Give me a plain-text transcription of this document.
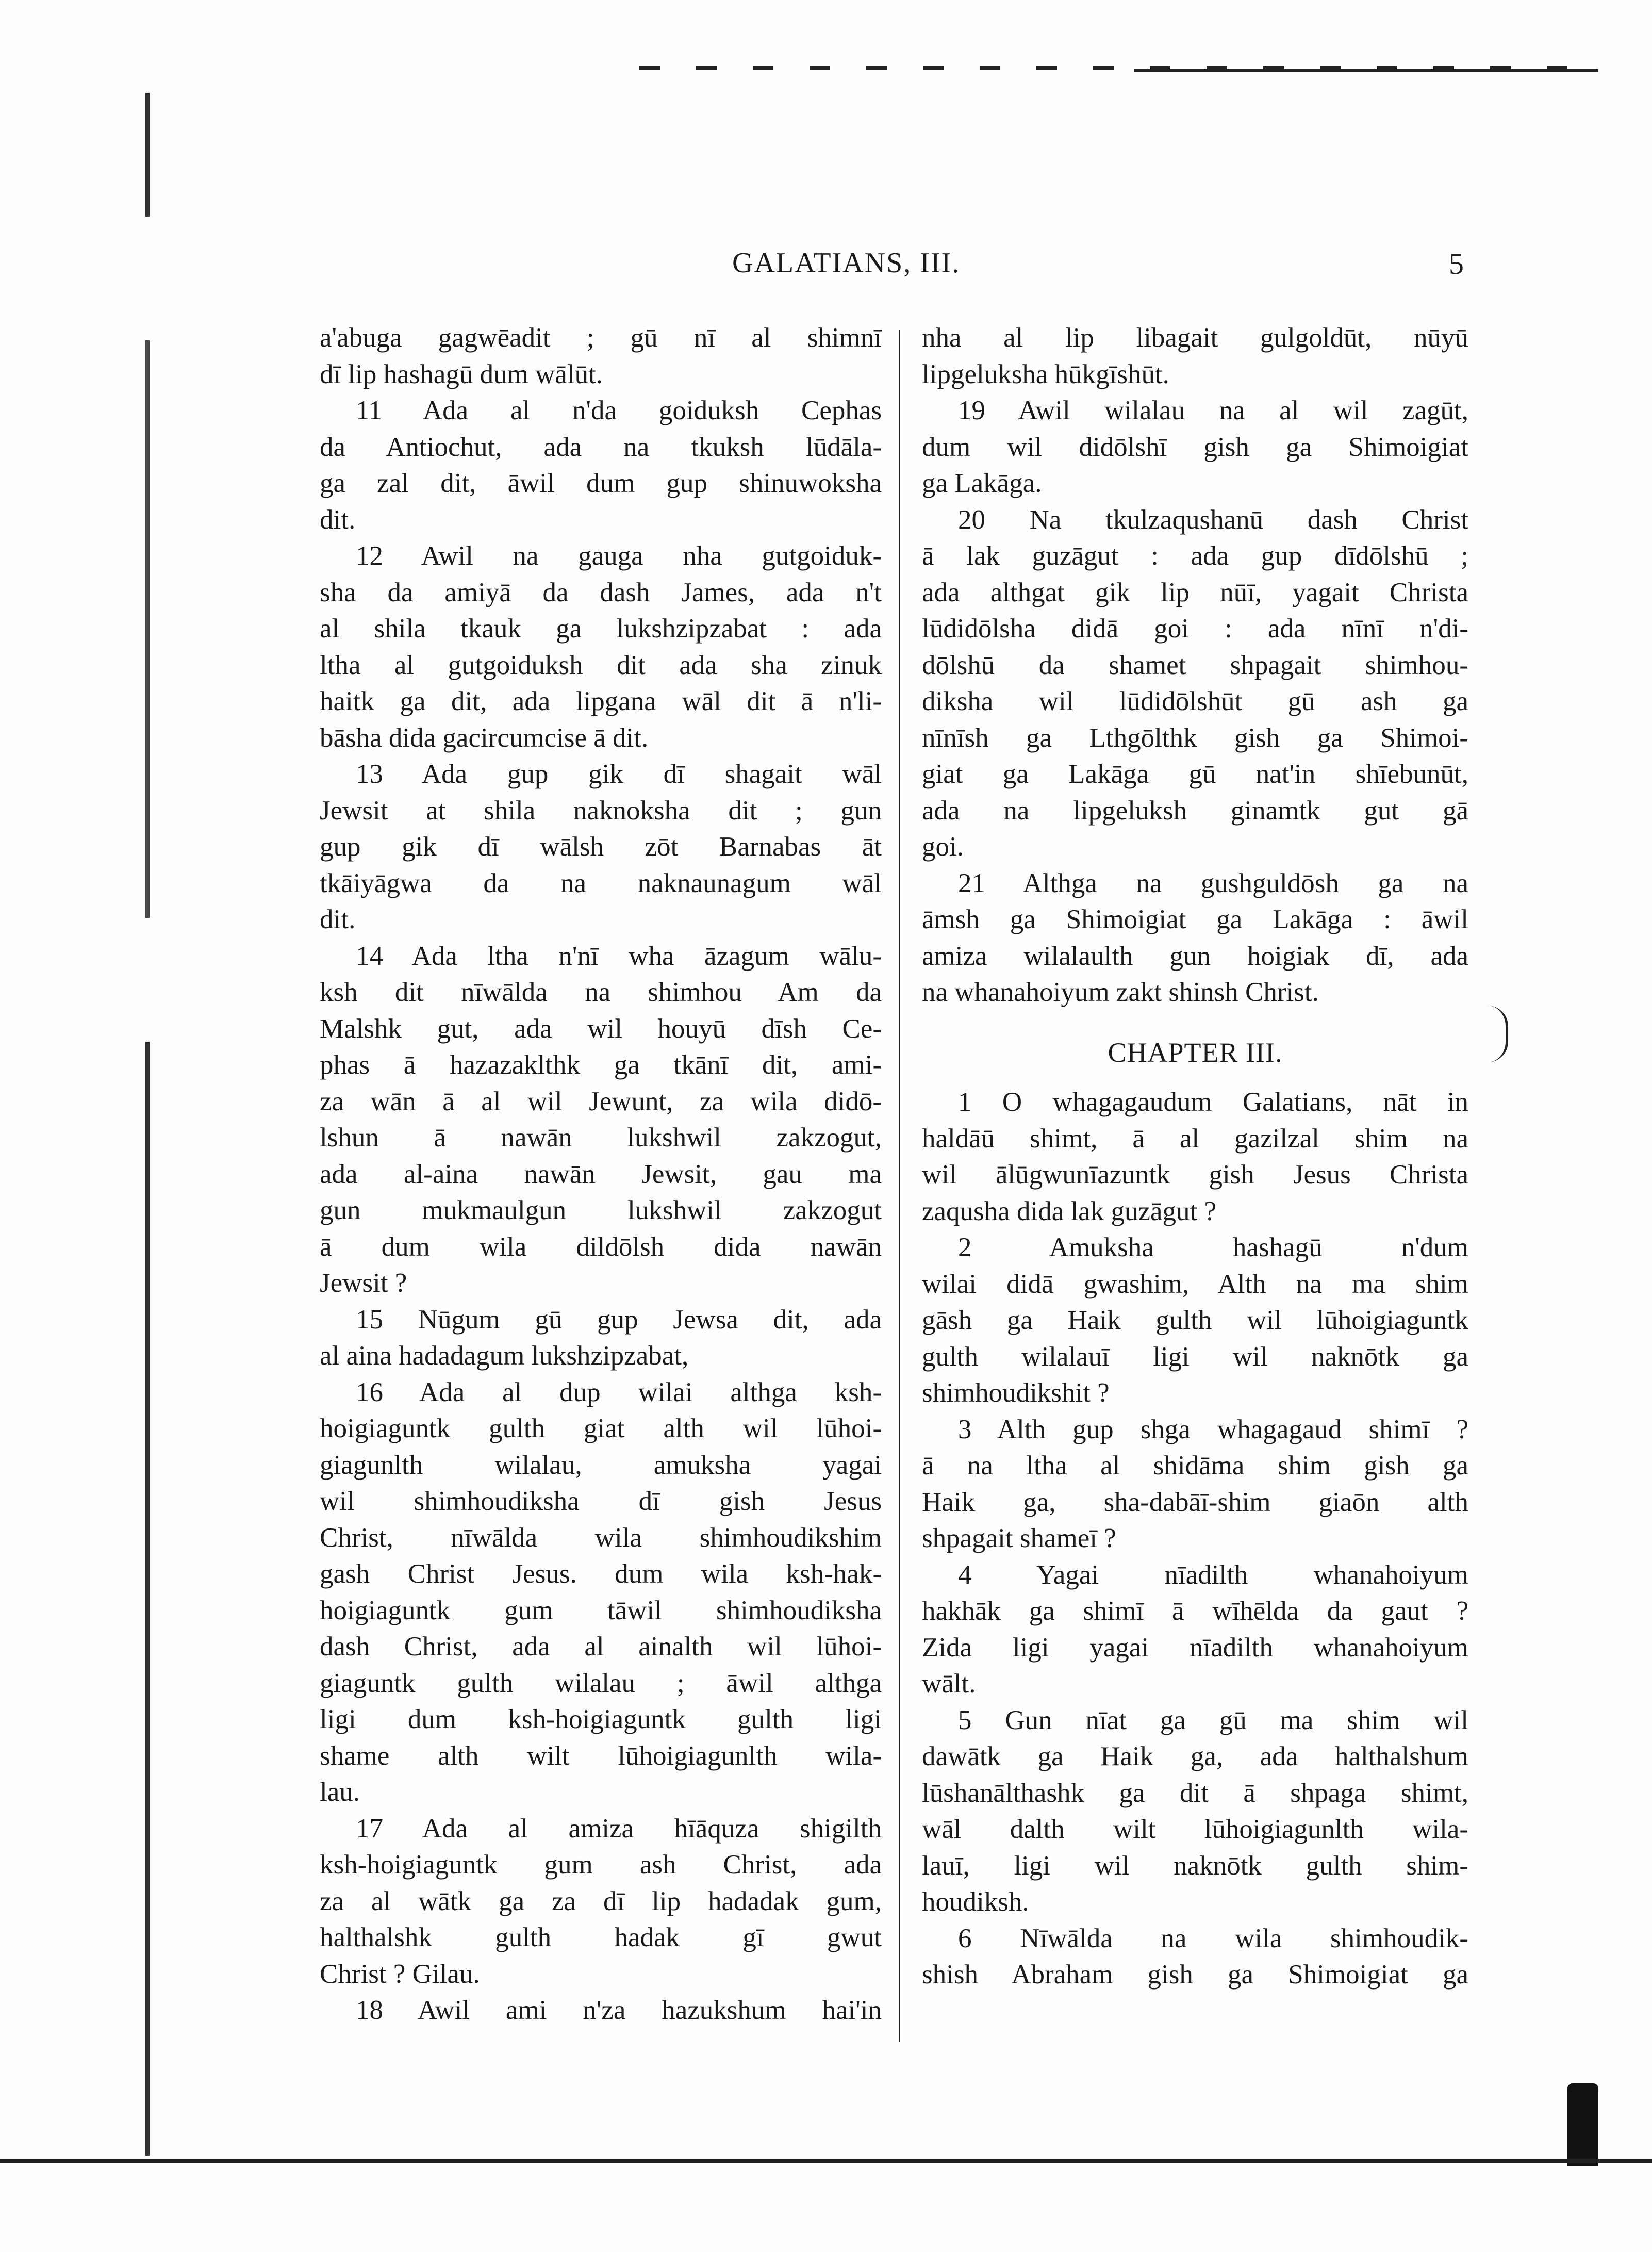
GALATIANS, III.	5
a'abuga gagwēadit ; gū nī al shimnī
dī lip hashagū dum wālūt.
11 Ada al n'da goiduksh Cephas
da Antiochut, ada na tkuksh lūdāla-
ga zal dit, āwil dum gup shinuwoksha
dit.
12 Awil na gauga nha gutgoiduk-
sha da amiyā da dash James, ada n't
al shila tkauk ga lukshzipzabat : ada
ltha al gutgoiduksh dit ada sha zinuk
haitk ga dit, ada lipgana wāl dit ā n'li-
bāsha dida gacircumcise ā dit.
13 Ada gup gik dī shagait wāl
Jewsit at shila naknoksha dit ; gun
gup gik dī wālsh zōt Barnabas āt
tkāiyāgwa da na naknaunagum wāl
dit.
14 Ada ltha n'nī wha āzagum wālu-
ksh dit nīwālda na shimhou Am da
Malshk gut, ada wil houyū dīsh Ce-
phas ā hazazaklthk ga tkānī dit, ami-
za wān ā al wil Jewunt, za wila didō-
lshun ā nawān lukshwil zakzogut,
ada al-aina nawān Jewsit, gau ma
gun mukmaulgun lukshwil zakzogut
ā dum wila dildōlsh dida nawān
Jewsit ?
15 Nūgum gū gup Jewsa dit, ada
al aina hadadagum lukshzipzabat,
16 Ada al dup wilai althga ksh-
hoigiaguntk gulth giat alth wil lūhoi-
giagunlth wilalau, amuksha yagai
wil shimhoudiksha dī gish Jesus
Christ, nīwālda wila shimhoudikshim
gash Christ Jesus. dum wila ksh-hak-
hoigiaguntk gum tāwil shimhoudiksha
dash Christ, ada al ainalth wil lūhoi-
giaguntk gulth wilalau ; āwil althga
ligi dum ksh-hoigiaguntk gulth ligi
shame alth wilt lūhoigiagunlth wila-
lau.
17 Ada al amiza hīāquza shigilth
ksh-hoigiaguntk gum ash Christ, ada
za al wātk ga za dī lip hadadak gum,
halthalshk gulth hadak gī gwut
Christ ? Gilau.
18 Awil ami n'za hazukshum hai'in
nha al lip libagait gulgoldūt, nūyū
lipgeluksha hūkgīshūt.
19 Awil wilalau na al wil zagūt,
dum wil didōlshī gish ga Shimoigiat
ga Lakāga.
20 Na tkulzaqushanū dash Christ
ā lak guzāgut : ada gup dīdōlshū ;
ada althgat gik lip nūī, yagait Christa
lūdidōlsha didā goi : ada nīnī n'di-
dōlshū da shamet shpagait shimhou-
diksha wil lūdidōlshūt gū ash ga
nīnīsh ga Lthgōlthk gish ga Shimoi-
giat ga Lakāga gū nat'in shīebunūt,
ada na lipgeluksh ginamtk gut gā
goi.
21 Althga na gushguldōsh ga na
āmsh ga Shimoigiat ga Lakāga : āwil
amiza wilalaulth gun hoigiak dī, ada
na whanahoiyum zakt shinsh Christ.
CHAPTER III.
1 O whagagaudum Galatians, nāt in
haldāū shimt, ā al gazilzal shim na
wil ālūgwunīazuntk gish Jesus Christa
zaqusha dida lak guzāgut ?
2 Amuksha hashagū n'dum
wilai didā gwashim, Alth na ma shim
gāsh ga Haik gulth wil lūhoigiaguntk
gulth wilalauī ligi wil naknōtk ga
shimhoudikshit ?
3 Alth gup shga whagagaud shimī ?
ā na ltha al shidāma shim gish ga
Haik ga, sha-dabāī-shim giaōn alth
shpagait shameī ?
4 Yagai nīadilth whanahoiyum
hakhāk ga shimī ā wīhēlda da gaut ?
Zida ligi yagai nīadilth whanahoiyum
wālt.
5 Gun nīat ga gū ma shim wil
dawātk ga Haik ga, ada halthalshum
lūshanālthashk ga dit ā shpaga shimt,
wāl dalth wilt lūhoigiagunlth wila-
lauī, ligi wil naknōtk gulth shim-
houdiksh.
6 Nīwālda na wila shimhoudik-
shish Abraham gish ga Shimoigiat ga
